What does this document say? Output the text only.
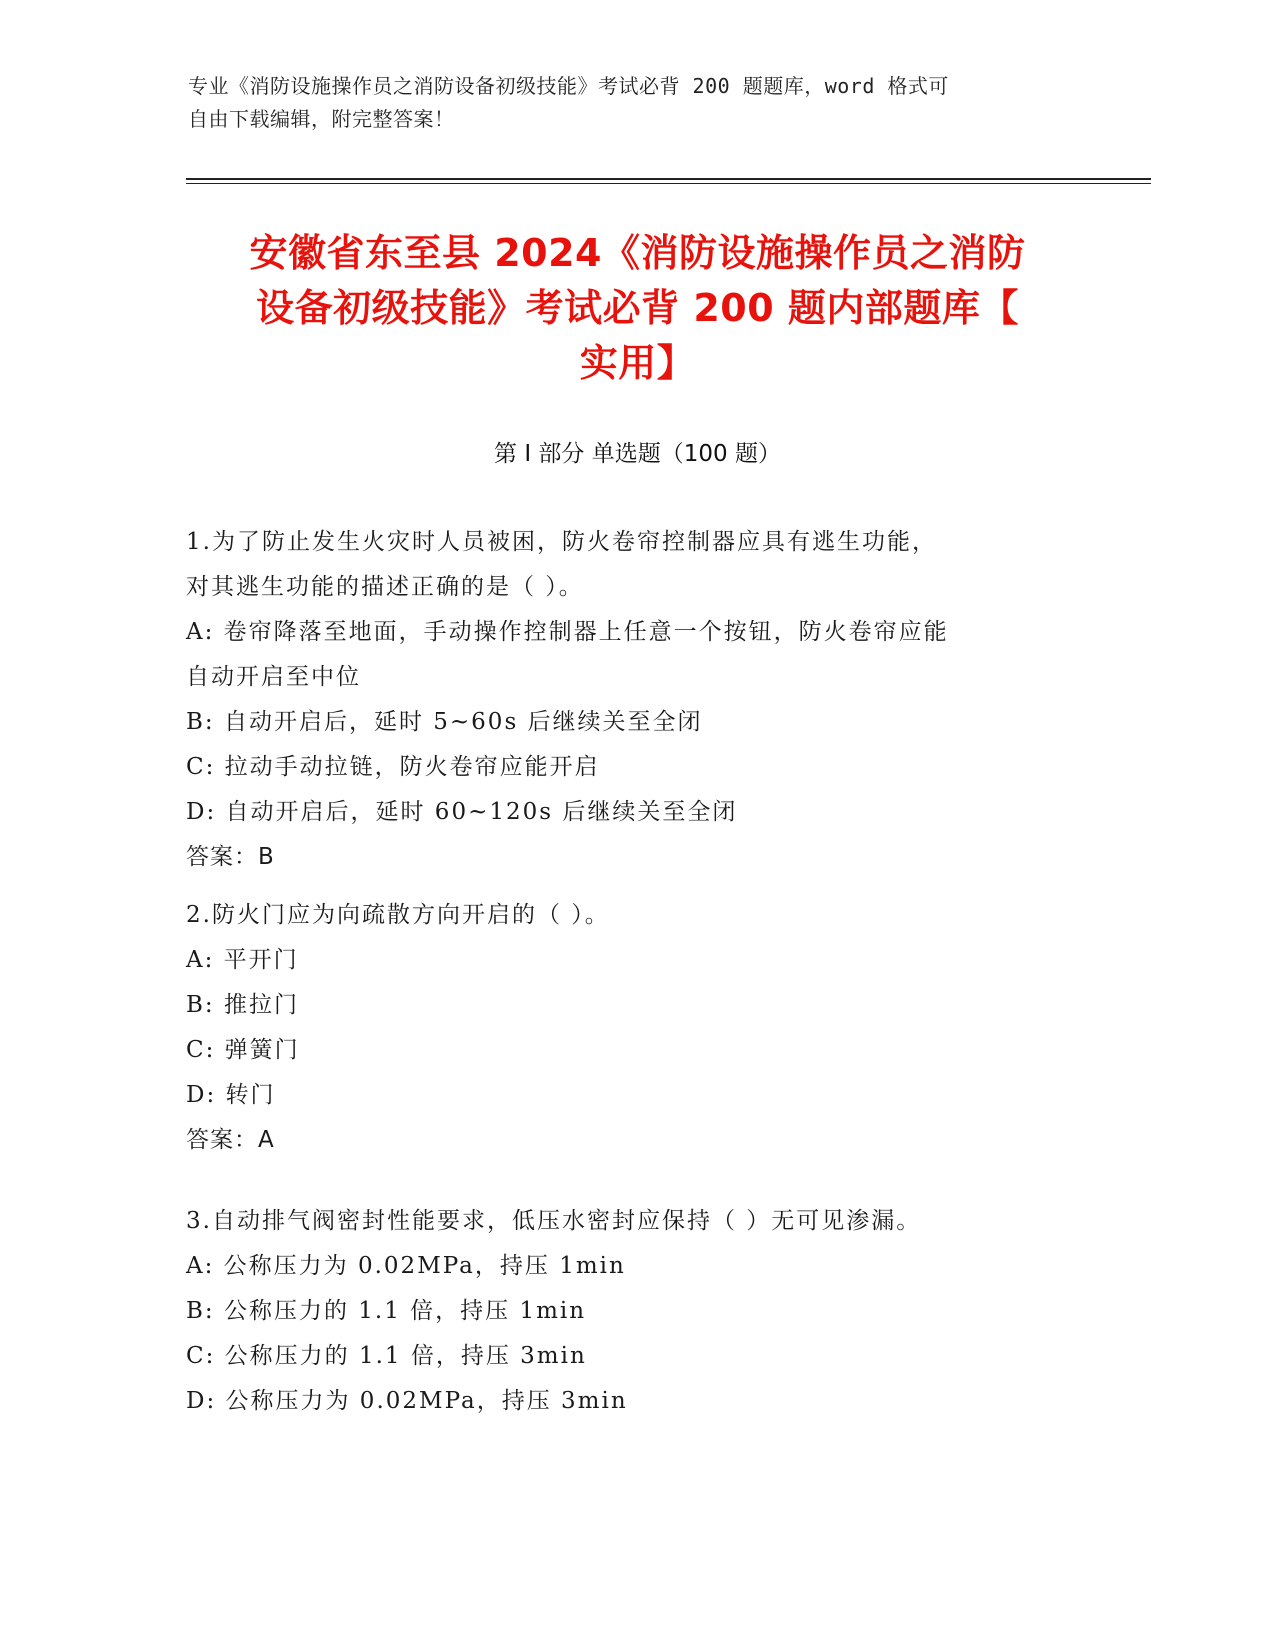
专业《消防设施操作员之消防设备初级技能》考试必背 200 题题库，word 格式可
自由下载编辑，附完整答案！
安徽省东至县 2024《消防设施操作员之消防
设备初级技能》考试必背 200 题内部题库【
实用】
第 I 部分 单选题（100 题）
1.为了防止发生火灾时人员被困，防火卷帘控制器应具有逃生功能，
对其逃生功能的描述正确的是（ ）。
A: 卷帘降落至地面，手动操作控制器上任意一个按钮，防火卷帘应能
自动开启至中位
B: 自动开启后，延时 5~60s 后继续关至全闭
C: 拉动手动拉链，防火卷帘应能开启
D: 自动开启后，延时 60~120s 后继续关至全闭
答案：B
2.防火门应为向疏散方向开启的（ ）。
A: 平开门
B: 推拉门
C: 弹簧门
D: 转门
答案：A
3.自动排气阀密封性能要求，低压水密封应保持（ ）无可见渗漏。
A: 公称压力为 0.02MPa，持压 1min
B: 公称压力的 1.1 倍，持压 1min
C: 公称压力的 1.1 倍，持压 3min
D: 公称压力为 0.02MPa，持压 3min
